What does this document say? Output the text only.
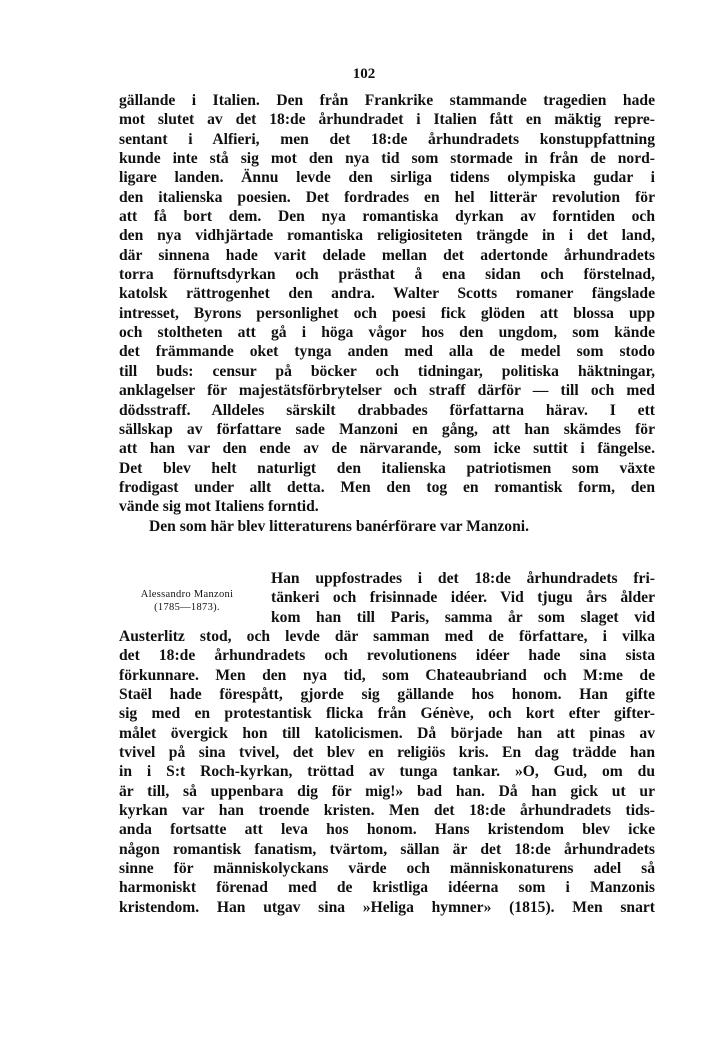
102
gällande i Italien. Den från Frankrike stammande tragedien hade
mot slutet av det 18:de århundradet i Italien fått en mäktig repre-
sentant i Alfieri, men det 18:de århundradets konstuppfattning
kunde inte stå sig mot den nya tid som stormade in från de nord-
ligare landen. Ännu levde den sirliga tidens olympiska gudar i
den italienska poesien. Det fordrades en hel litterär revolution för
att få bort dem. Den nya romantiska dyrkan av forntiden och
den nya vidhjärtade romantiska religiositeten trängde in i det land,
där sinnena hade varit delade mellan det adertonde århundradets
torra förnuftsdyrkan och prästhat å ena sidan och förstelnad,
katolsk rättrogenhet den andra. Walter Scotts romaner fängslade
intresset, Byrons personlighet och poesi fick glöden att blossa upp
och stoltheten att gå i höga vågor hos den ungdom, som kände
det främmande oket tynga anden med alla de medel som stodo
till buds: censur på böcker och tidningar, politiska häktningar,
anklagelser för majestätsförbrytelser och straff därför — till och med
dödsstraff. Alldeles särskilt drabbades författarna härav. I ett
sällskap av författare sade Manzoni en gång, att han skämdes för
att han var den ende av de närvarande, som icke suttit i fängelse.
Det blev helt naturligt den italienska patriotismen som växte
frodigast under allt detta. Men den tog en romantisk form, den
vände sig mot Italiens forntid.
Den som här blev litteraturens banérförare var Manzoni.
Alessandro Manzoni
(1785—1873).
Han uppfostrades i det 18:de århundradets fri-
tänkeri och frisinnade idéer. Vid tjugu års ålder
kom han till Paris, samma år som slaget vid
Austerlitz stod, och levde där samman med de författare, i vilka
det 18:de århundradets och revolutionens idéer hade sina sista
förkunnare. Men den nya tid, som Chateaubriand och M:me de
Staël hade förespått, gjorde sig gällande hos honom. Han gifte
sig med en protestantisk flicka från Génève, och kort efter gifter-
målet övergick hon till katolicismen. Då började han att pinas av
tvivel på sina tvivel, det blev en religiös kris. En dag trädde han
in i S:t Roch-kyrkan, tröttad av tunga tankar. »O, Gud, om du
är till, så uppenbara dig för mig!» bad han. Då han gick ut ur
kyrkan var han troende kristen. Men det 18:de århundradets tids-
anda fortsatte att leva hos honom. Hans kristendom blev icke
någon romantisk fanatism, tvärtom, sällan är det 18:de århundradets
sinne för människolyckans värde och människonaturens adel så
harmoniskt förenad med de kristliga idéerna som i Manzonis
kristendom. Han utgav sina »Heliga hymner» (1815). Men snart
